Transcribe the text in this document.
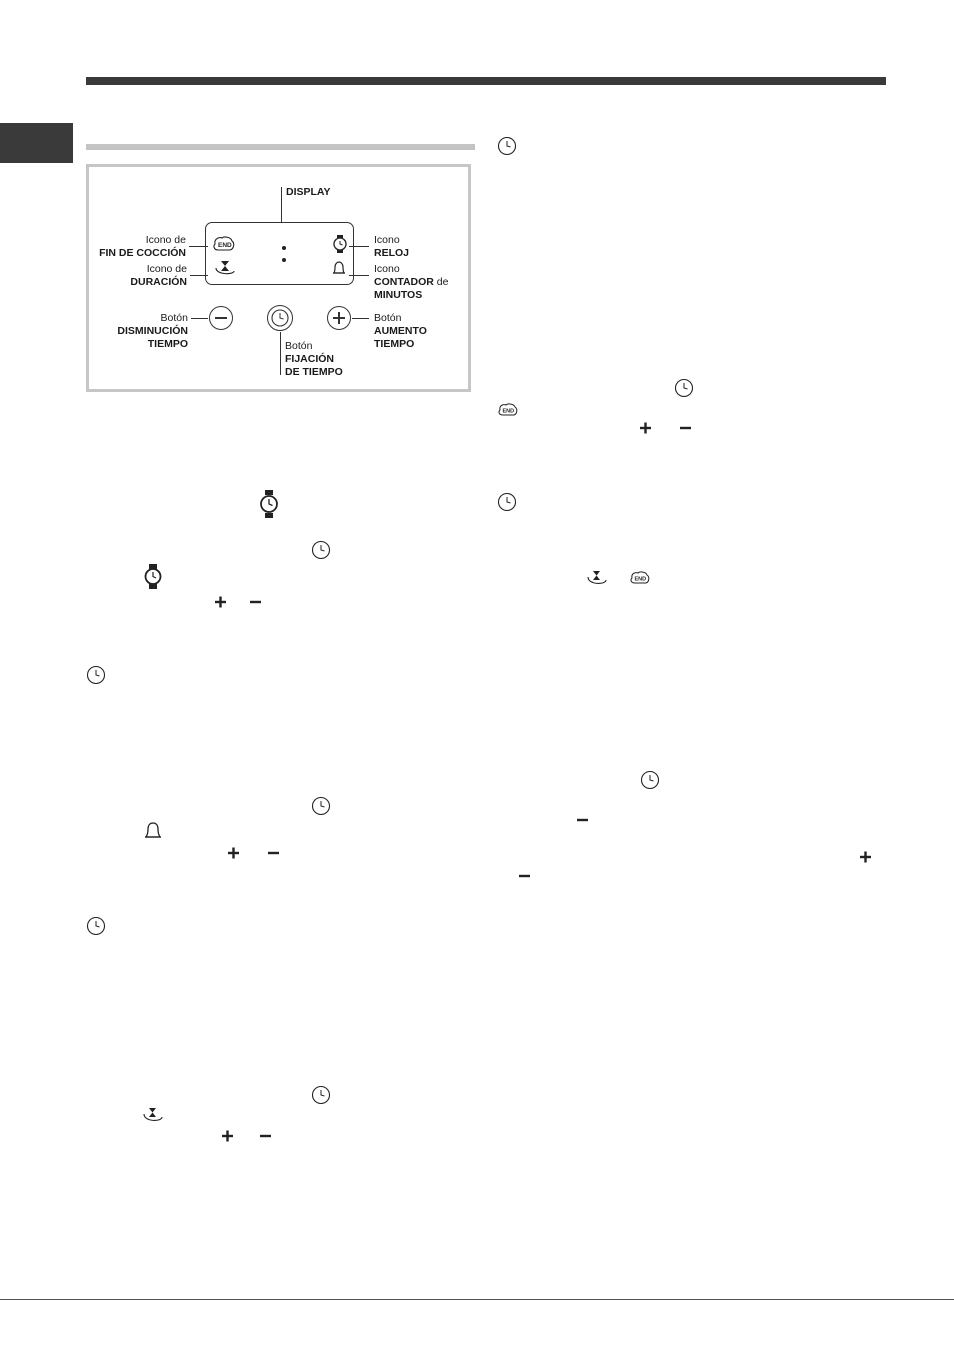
DISPLAY
END
Icono de
FIN DE COCCIÓN
Icono de
DURACIÓN
Icono
RELOJ
Icono
CONTADOR de
MINUTOS
Botón
DISMINUCIÓN
TIEMPO	Botón
FIJACIÓN
DE TIEMPO
Botón
AUMENTO
TIEMPO
END
END
